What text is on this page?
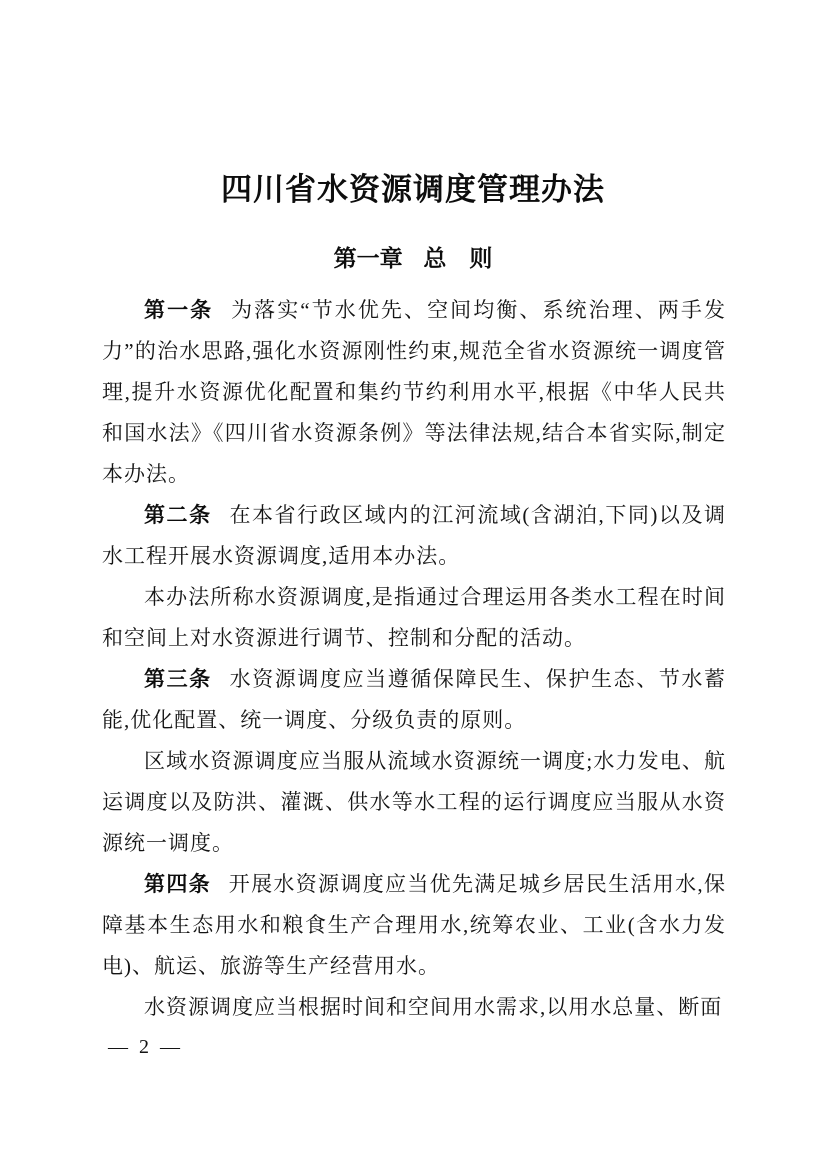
四川省水资源调度管理办法
第一章 总　则

第一条 为落实“节水优先、空间均衡、系统治理、两手发力”的治水思路,强化水资源刚性约束,规范全省水资源统一调度管理,提升水资源优化配置和集约节约利用水平,根据《中华人民共和国水法》《四川省水资源条例》等法律法规,结合本省实际,制定本办法。

第二条 在本省行政区域内的江河流域(含湖泊,下同)以及调水工程开展水资源调度,适用本办法。

本办法所称水资源调度,是指通过合理运用各类水工程在时间和空间上对水资源进行调节、控制和分配的活动。

第三条 水资源调度应当遵循保障民生、保护生态、节水蓄能,优化配置、统一调度、分级负责的原则。

区域水资源调度应当服从流域水资源统一调度;水力发电、航运调度以及防洪、灌溉、供水等水工程的运行调度应当服从水资源统一调度。

第四条 开展水资源调度应当优先满足城乡居民生活用水,保障基本生态用水和粮食生产合理用水,统筹农业、工业(含水力发电)、航运、旅游等生产经营用水。

水资源调度应当根据时间和空间用水需求,以用水总量、断面

— 2 —
